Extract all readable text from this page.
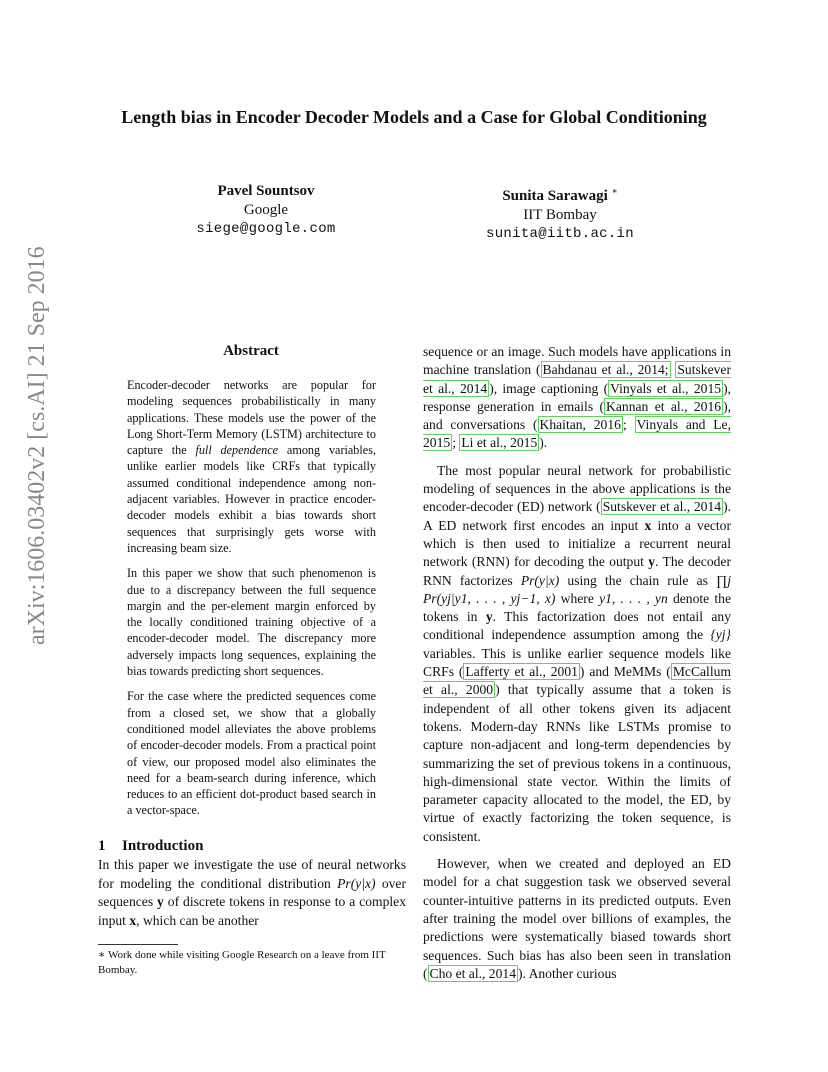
Length bias in Encoder Decoder Models and a Case for Global Conditioning
Pavel Sountsov
Google
siege@google.com
Sunita Sarawagi ∗
IIT Bombay
sunita@iitb.ac.in
arXiv:1606.03402v2 [cs.AI] 21 Sep 2016	Abstract

Encoder-decoder networks are popular for modeling sequences probabilistically in many applications. These models use the power of the Long Short-Term Memory (LSTM) architecture to capture the full dependence among variables, unlike earlier models like CRFs that typically assumed conditional independence among non-adjacent variables. However in practice encoder-decoder models exhibit a bias towards short sequences that surprisingly gets worse with increasing beam size.

In this paper we show that such phenomenon is due to a discrepancy between the full sequence margin and the per-element margin enforced by the locally conditioned training objective of a encoder-decoder model. The discrepancy more adversely impacts long sequences, explaining the bias towards predicting short sequences.

For the case where the predicted sequences come from a closed set, we show that a globally conditioned model alleviates the above problems of encoder-decoder models. From a practical point of view, our proposed model also eliminates the need for a beam-search during inference, which reduces to an efficient dot-product based search in a vector-space.

1 Introduction

In this paper we investigate the use of neural networks for modeling the conditional distribution Pr(y|x) over sequences y of discrete tokens in response to a complex input x, which can be another

∗ Work done while visiting Google Research on a leave from IIT Bombay.

sequence or an image. Such models have applications in machine translation ( Bahdanau et al., 2014; Sutskever et al., 2014 ), image captioning ( Vinyals et al., 2015 ), response generation in emails ( Kannan et al., 2016 ), and conversations ( Khaitan, 2016 ; Vinyals and Le, 2015 ; Li et al., 2015 ).

The most popular neural network for probabilistic modeling of sequences in the above applications is the encoder-decoder (ED) network ( Sutskever et al., 2014 ). A ED network first encodes an input x into a vector which is then used to initialize a recurrent neural network (RNN) for decoding the output y. The decoder RNN factorizes Pr(y|x) using the chain rule as ∏j Pr(yj|y1, . . . , yj−1, x) where y1, . . . , yn denote the tokens in y. This factorization does not entail any conditional independence assumption among the {yj} variables. This is unlike earlier sequence models like CRFs ( Lafferty et al., 2001 ) and MeMMs ( McCallum et al., 2000 ) that typically assume that a token is independent of all other tokens given its adjacent tokens. Modern-day RNNs like LSTMs promise to capture non-adjacent and long-term dependencies by summarizing the set of previous tokens in a continuous, high-dimensional state vector. Within the limits of parameter capacity allocated to the model, the ED, by virtue of exactly factorizing the token sequence, is consistent.

However, when we created and deployed an ED model for a chat suggestion task we observed several counter-intuitive patterns in its predicted outputs. Even after training the model over billions of examples, the predictions were systematically biased towards short sequences. Such bias has also been seen in translation ( Cho et al., 2014 ). Another curious
